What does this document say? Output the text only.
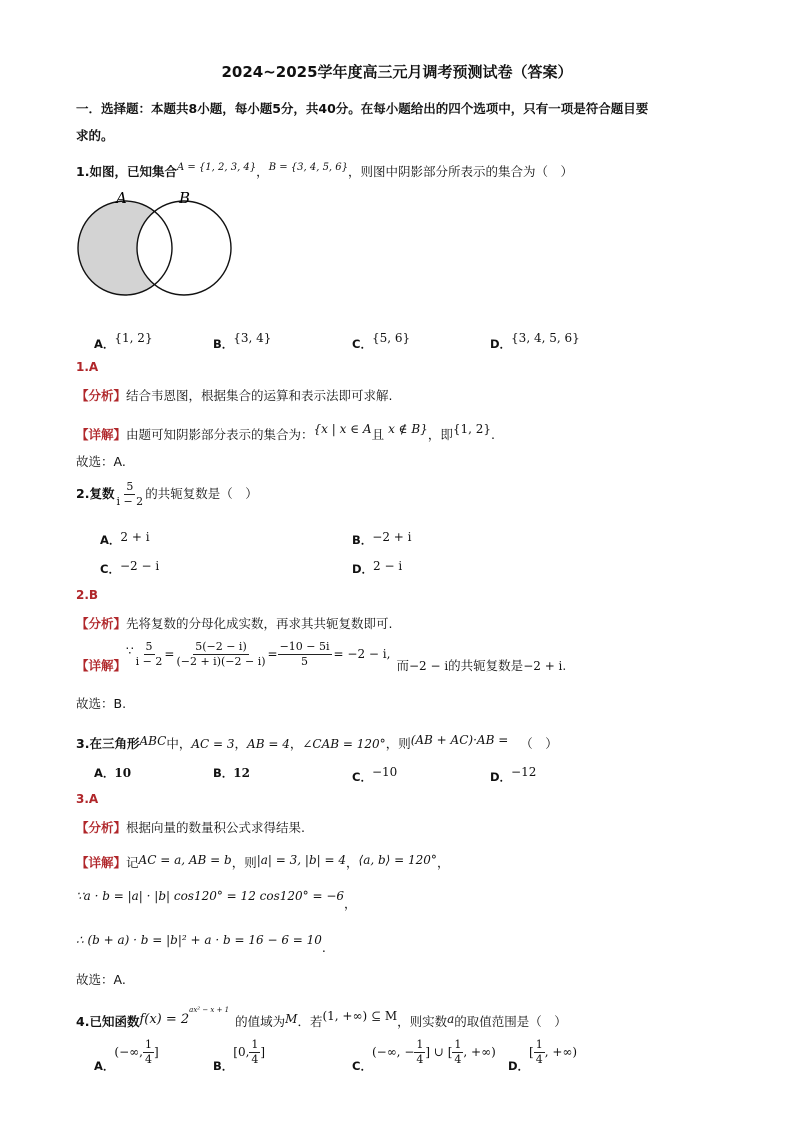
2024~2025学年度高三元月调考预测试卷（答案）
一．选择题：本题共8小题，每小题5分，共40分。在每小题给出的四个选项中，只有一项是符合题目要
求的。
1.如图，已知集合$^{A = \{1, 2, 3, 4\}}$，$^{B = \{3, 4, 5, 6\}}$，则图中阴影部分所表示的集合为（　）
A	B
A．{1, 2}	B．{3, 4}	C．{5, 6}	D．{3, 4, 5, 6}
1.A
【分析】结合韦恩图，根据集合的运算和表示法即可求解.
【详解】由题可知阴影部分表示的集合为：{x | x ∈ A且 x ∉ B}，即{1, 2}.
故选：A.
2.复数 $\frac{5}{i - 2}$ 的共轭复数是（　）
A．2 + i	B．−2 + i
C．−2 − i	D．2 − i
2.B
【分析】先将复数的分母化成实数，再求其共轭复数即可.
【详解】∵ $\frac{5}{i - 2} = \frac{5(-2 - i)}{(-2 + i)(-2 - i)} = \frac{-10 - 5i}{5} = -2 - i$,而−2 − i的共轭复数是−2 + i.
故选：B.
3.在三角形ABC中，AC = 3，AB = 4，∠CAB = 120°，则(AB + AC)·AB = （　）
A．10	B．12	C．−10	D．−12
3.A
【分析】根据向量的数量积公式求得结果.
【详解】记AC = a, AB = b，则|a| = 3, |b| = 4，⟨a, b⟩ = 120°，
∵a · b = |a| · |b| cos120° = 12 cos120° = −6，
∴ (b + a) · b = |b|² + a · b = 16 − 6 = 10.
故选：A.
4.已知函数$f(x) = 2^{ax^2 - x + 1}$的值域为M．若(1, +∞) ⊆ M，则实数a的取值范围是（　）
A．(−∞, $\frac{1}{4}$ ]
B．[0, $\frac{1}{4}$ ]
C．(−∞, − $\frac{1}{4}$ ] ∪ [ $\frac{1}{4}$ , +∞)
D．[ $\frac{1}{4}$ , +∞)
